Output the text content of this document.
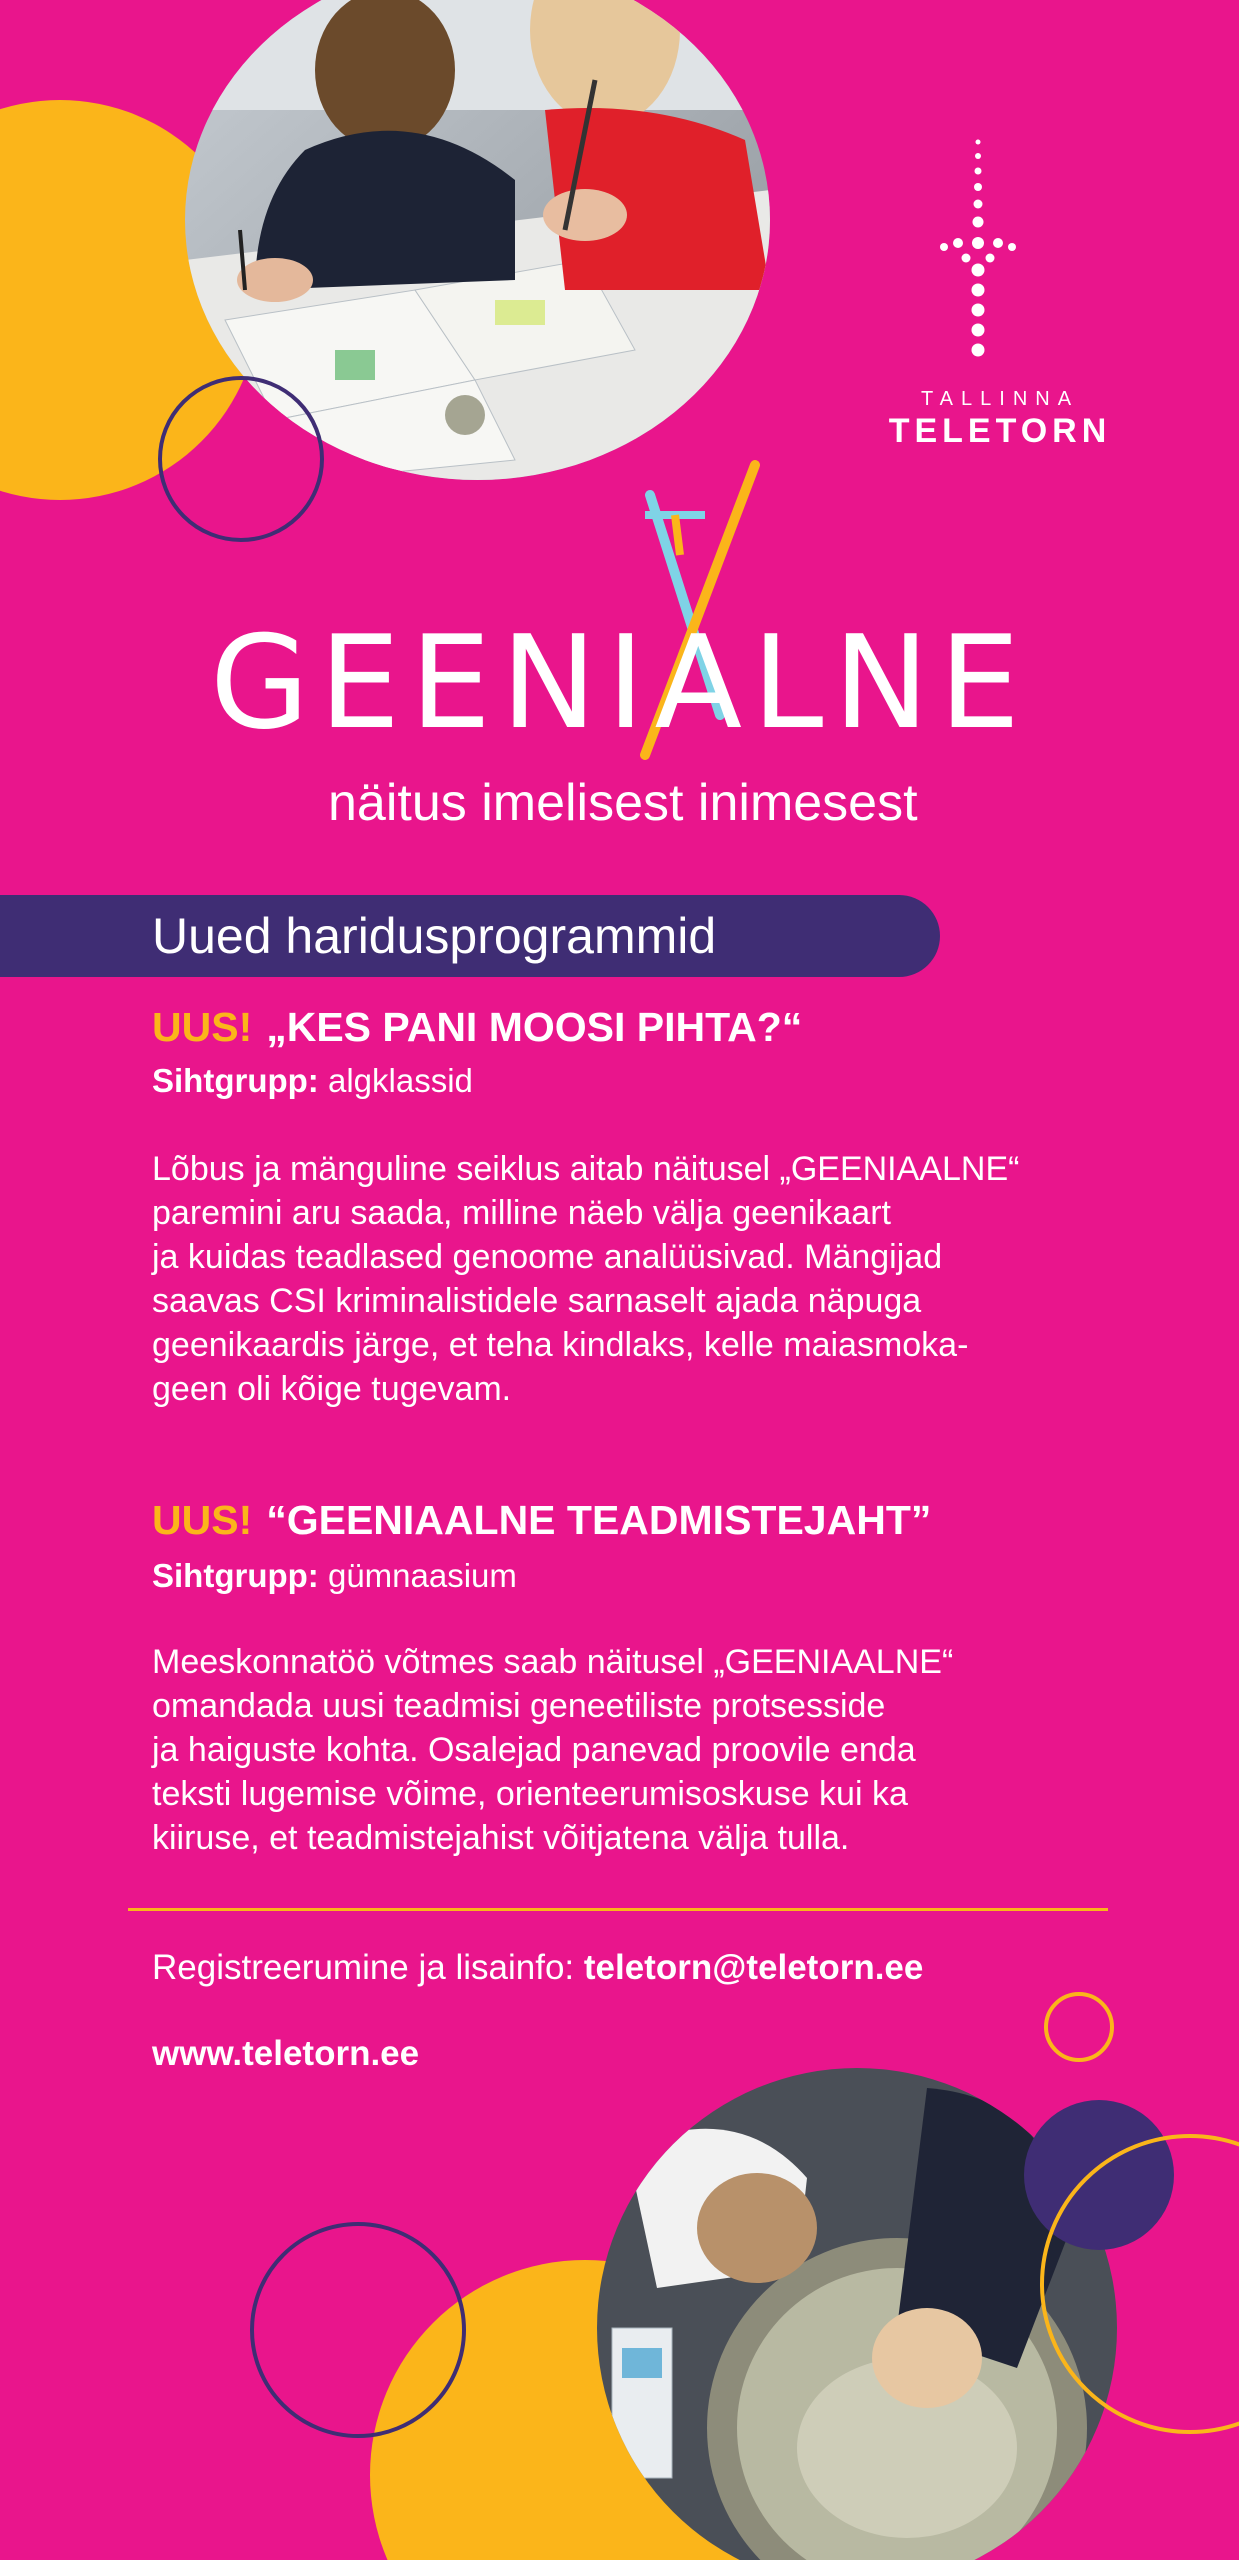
TALLINNA
TELETORN
GEENIALNE
näitus imelisest inimesest
Uued haridusprogrammid
UUS! „KES PANI MOOSI PIHTA?“
Sihtgrupp: algklassid
Lõbus ja mänguline seiklus aitab näitusel „GEENIAALNE“
paremini aru saada, milline näeb välja geenikaart
ja kuidas teadlased genoome analüüsivad. Mängijad
saavas CSI kriminalistidele sarnaselt ajada näpuga
geenikaardis järge, et teha kindlaks, kelle maiasmoka-
geen oli kõige tugevam.
UUS! “GEENIAALNE TEADMISTEJAHT”
Sihtgrupp: gümnaasium
Meeskonnatöö võtmes saab näitusel „GEENIAALNE“
omandada uusi teadmisi geneetiliste protsesside
ja haiguste kohta. Osalejad panevad proovile enda
teksti lugemise võime, orienteerumisoskuse kui ka
kiiruse, et teadmistejahist võitjatena välja tulla.
Registreerumine ja lisainfo: teletorn@teletorn.ee
www.teletorn.ee
